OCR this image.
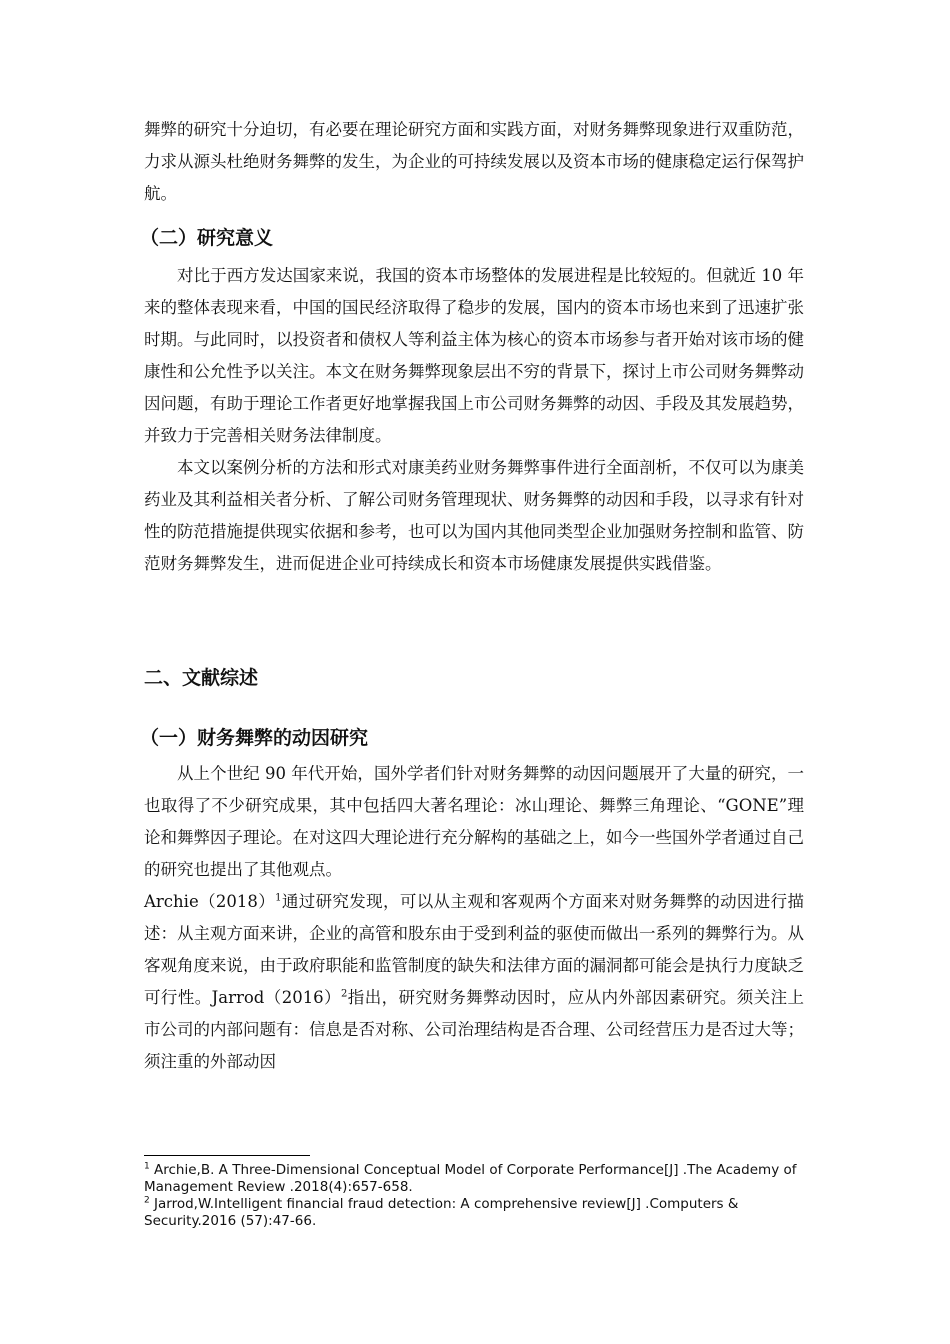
舞弊的研究十分迫切，有必要在理论研究方面和实践方面，对财务舞弊现象进行双重防范，力求从源头杜绝财务舞弊的发生，为企业的可持续发展以及资本市场的健康稳定运行保驾护航。

（二）研究意义

对比于西方发达国家来说，我国的资本市场整体的发展进程是比较短的。但就近 10 年来的整体表现来看，中国的国民经济取得了稳步的发展，国内的资本市场也来到了迅速扩张时期。与此同时，以投资者和债权人等利益主体为核心的资本市场参与者开始对该市场的健康性和公允性予以关注。本文在财务舞弊现象层出不穷的背景下，探讨上市公司财务舞弊动因问题，有助于理论工作者更好地掌握我国上市公司财务舞弊的动因、手段及其发展趋势，并致力于完善相关财务法律制度。

本文以案例分析的方法和形式对康美药业财务舞弊事件进行全面剖析，不仅可以为康美药业及其利益相关者分析、了解公司财务管理现状、财务舞弊的动因和手段，以寻求有针对性的防范措施提供现实依据和参考，也可以为国内其他同类型企业加强财务控制和监管、防范财务舞弊发生，进而促进企业可持续成长和资本市场健康发展提供实践借鉴。

二、文献综述
（一）财务舞弊的动因研究

从上个世纪 90 年代开始，国外学者们针对财务舞弊的动因问题展开了大量的研究，一也取得了不少研究成果，其中包括四大著名理论：冰山理论、舞弊三角理论、“GONE”理论和舞弊因子理论。在对这四大理论进行充分解构的基础之上，如今一些国外学者通过自己的研究也提出了其他观点。

$Archie(2018)^1$通过研究发现，可以从主观和客观两个方面来对财务舞弊的动因进行描述：从主观方面来讲，企业的高管和股东由于受到利益的驱使而做出一系列的舞弊行为。从客观角度来说，由于政府职能和监管制度的缺失和法律方面的漏洞都可能会是执行力度缺乏可行性。$Jarrod(2016)^2$指出，研究财务舞弊动因时，应从内外部因素研究。须关注上市公司的内部问题有：信息是否对称、公司治理结构是否合理、公司经营压力是否过大等；须注重的外部动因

$^1$ Archie,B. A Three-Dimensional Conceptual Model of Corporate Performance[J] .The Academy of Management Review .2018(4):657-658.
$^2$ Jarrod,W.Intelligent financial fraud detection: A comprehensive review[J] .Computers & Security.2016 (57):47-66.
